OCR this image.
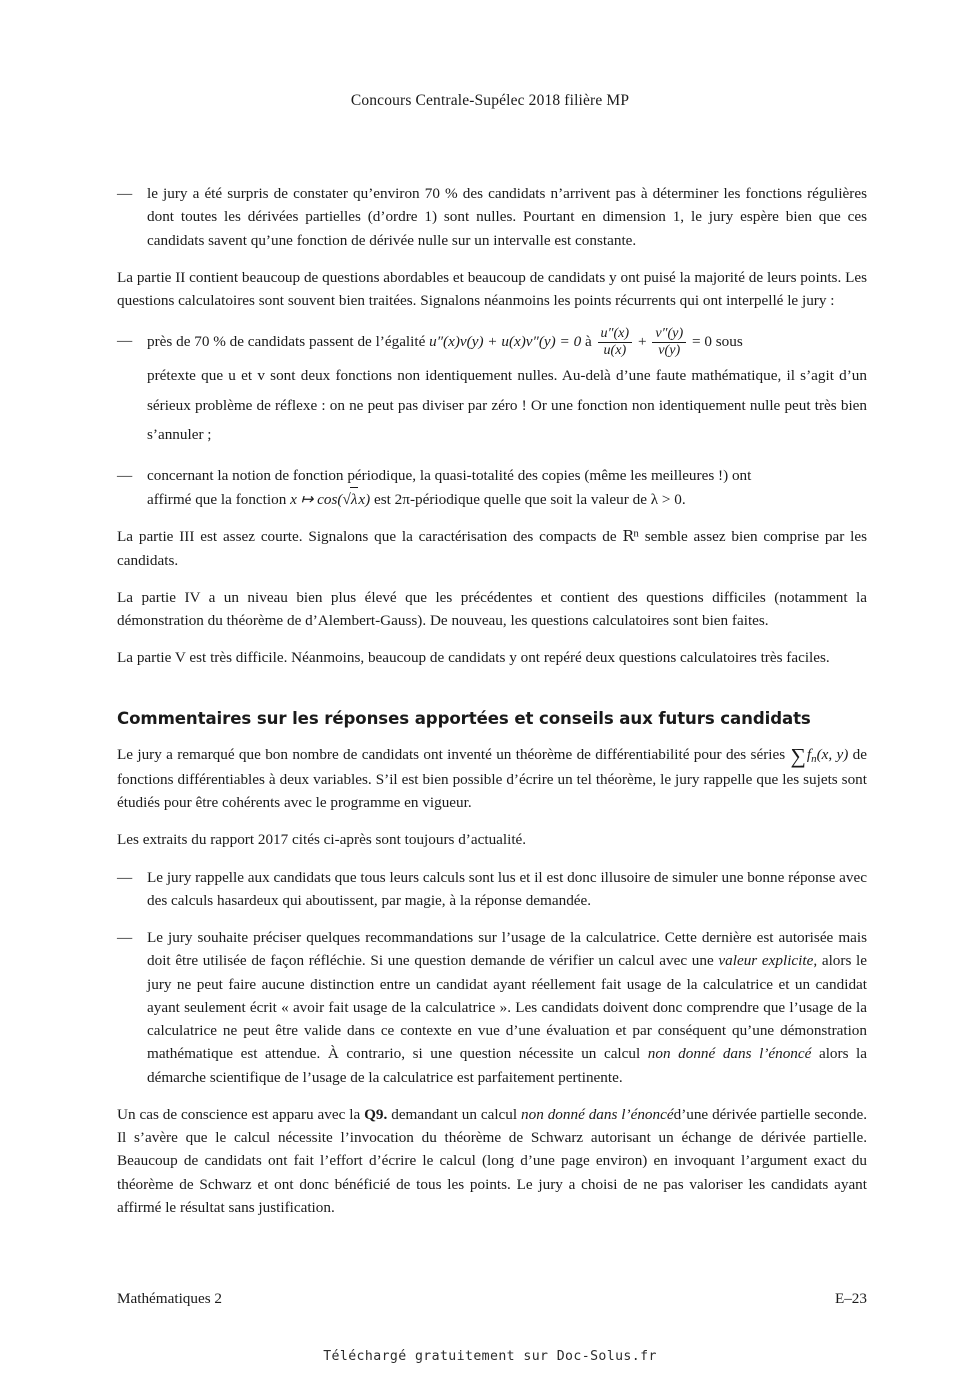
Concours Centrale-Supélec 2018 filière MP
— le jury a été surpris de constater qu’environ 70 % des candidats n’arrivent pas à déterminer les fonctions régulières dont toutes les dérivées partielles (d’ordre 1) sont nulles. Pourtant en dimension 1, le jury espère bien que ces candidats savent qu’une fonction de dérivée nulle sur un intervalle est constante.

La partie II contient beaucoup de questions abordables et beaucoup de candidats y ont puisé la majorité de leurs points. Les questions calculatoires sont souvent bien traitées. Signalons néanmoins les points récurrents qui ont interpellé le jury :

— près de 70 % de candidats passent de l’égalité u″(x)v(y) + u(x)v″(y) = 0 à $\frac{u''(x)}{u(x)} + \frac{v''(y)}{v(y)} = 0$ sous
prétexte que u et v sont deux fonctions non identiquement nulles. Au-delà d’une faute mathématique, il s’agit d’un sérieux problème de réflexe : on ne peut pas diviser par zéro ! Or une fonction non identiquement nulle peut très bien s’annuler ;
— concernant la notion de fonction périodique, la quasi-totalité des copies (même les meilleures !) ont
affirmé que la fonction x ↦ cos(√λx) est 2π-périodique quelle que soit la valeur de λ > 0.

La partie III est assez courte. Signalons que la caractérisation des compacts de $R^n$ semble assez bien comprise par les candidats.

La partie IV a un niveau bien plus élevé que les précédentes et contient des questions difficiles (notamment la démonstration du théorème de d’Alembert-Gauss). De nouveau, les questions calculatoires sont bien faites.

La partie V est très difficile. Néanmoins, beaucoup de candidats y ont repéré deux questions calculatoires très faciles.

Commentaires sur les réponses apportées et conseils aux futurs candidats

Le jury a remarqué que bon nombre de candidats ont inventé un théorème de différentiabilité pour des séries $\sum f_n(x$, y) de fonctions différentiables à deux variables. S’il est bien possible d’écrire un tel théorème, le jury rappelle que les sujets sont étudiés pour être cohérents avec le programme en vigueur.

Les extraits du rapport 2017 cités ci-après sont toujours d’actualité.

— Le jury rappelle aux candidats que tous leurs calculs sont lus et il est donc illusoire de simuler une bonne réponse avec des calculs hasardeux qui aboutissent, par magie, à la réponse demandée.
— Le jury souhaite préciser quelques recommandations sur l’usage de la calculatrice. Cette dernière est autorisée mais doit être utilisée de façon réfléchie. Si une question demande de vérifier un calcul avec une valeur explicite, alors le jury ne peut faire aucune distinction entre un candidat ayant réellement fait usage de la calculatrice et un candidat ayant seulement écrit « avoir fait usage de la calculatrice ». Les candidats doivent donc comprendre que l’usage de la calculatrice ne peut être valide dans ce contexte en vue d’une évaluation et par conséquent qu’une démonstration mathématique est attendue. À contrario, si une question nécessite un calcul non donné dans l’énoncé alors la démarche scientifique de l’usage de la calculatrice est parfaitement pertinente.

Un cas de conscience est apparu avec la Q9. demandant un calcul non donné dans l’énoncéd’une dérivée partielle seconde. Il s’avère que le calcul nécessite l’invocation du théorème de Schwarz autorisant un échange de dérivée partielle. Beaucoup de candidats ont fait l’effort d’écrire le calcul (long d’une page environ) en invoquant l’argument exact du théorème de Schwarz et ont donc bénéficié de tous les points. Le jury a choisi de ne pas valoriser les candidats ayant affirmé le résultat sans justification.

Mathématiques 2	E–23
Téléchargé gratuitement sur Doc-Solus.fr
